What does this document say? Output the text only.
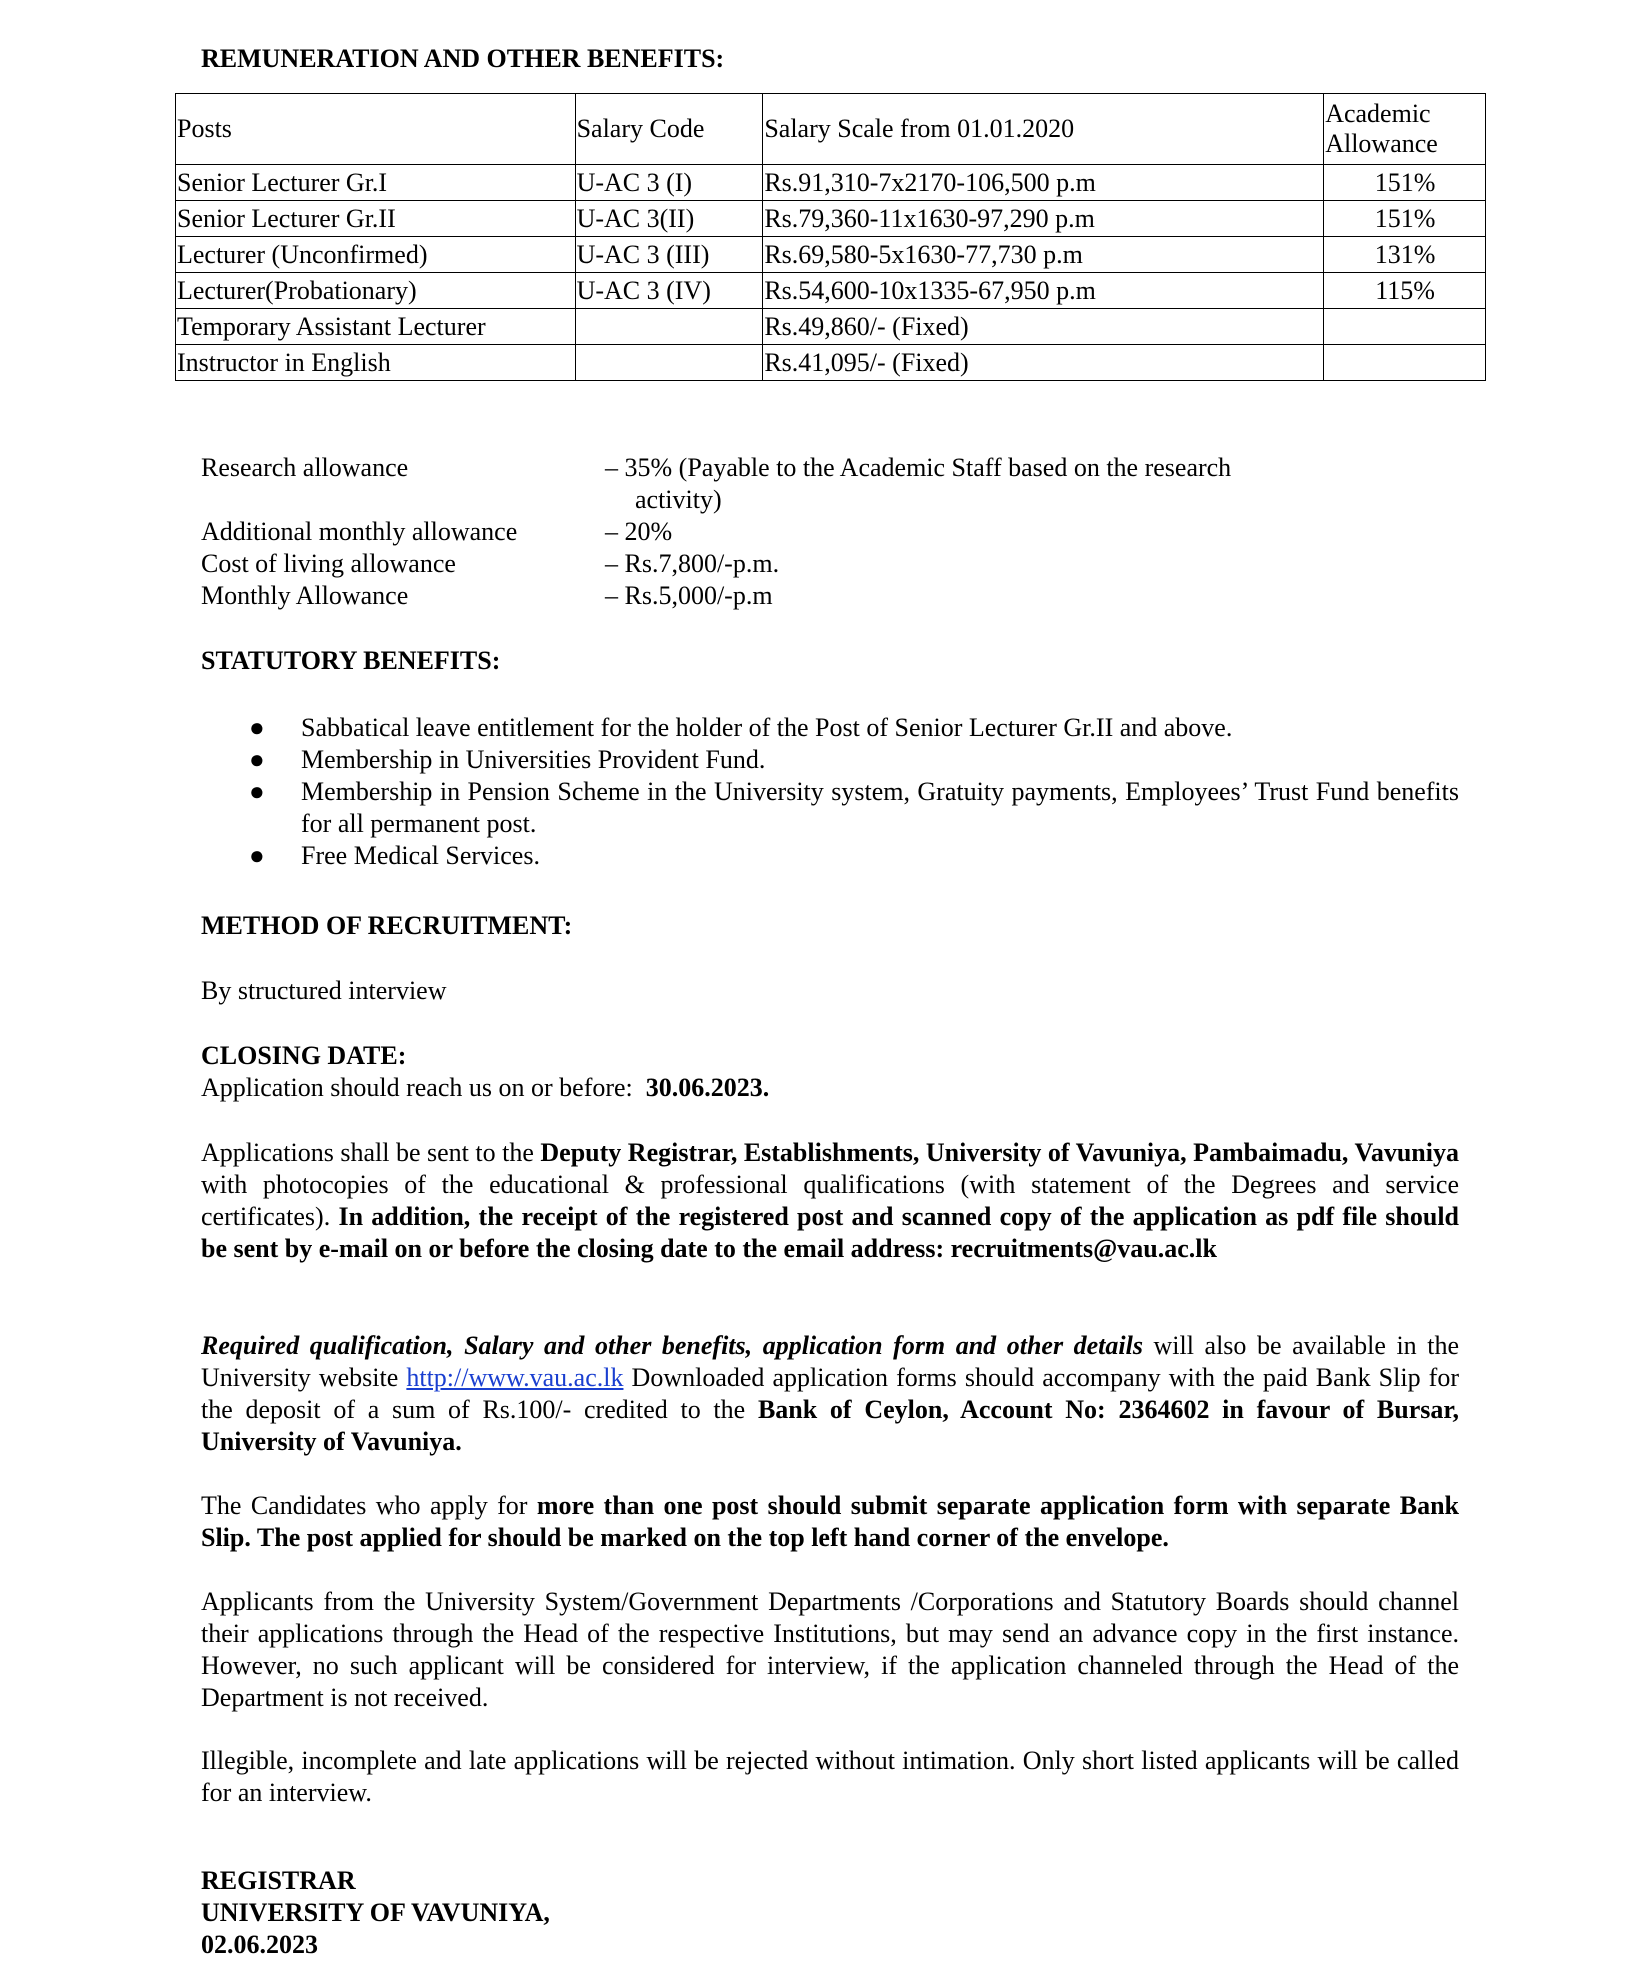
REMUNERATION AND OTHER BENEFITS:

Posts	Salary Code	Salary Scale from 01.01.2020	Academic Allowance
Senior Lecturer Gr.I	U-AC 3 (I)	Rs.91,310-7x2170-106,500 p.m	151%
Senior Lecturer Gr.II	U-AC 3(II)	Rs.79,360-11x1630-97,290 p.m	151%
Lecturer (Unconfirmed)	U-AC 3 (III)	Rs.69,580-5x1630-77,730 p.m	131%
Lecturer(Probationary)	U-AC 3 (IV)	Rs.54,600-10x1335-67,950 p.m	115%
Temporary Assistant Lecturer		Rs.49,860/- (Fixed)	
Instructor in English		Rs.41,095/- (Fixed)	
Research allowance	– 35% (Payable to the Academic Staff based on the research activity)
Additional monthly allowance	– 20%
Cost of living allowance	– Rs.7,800/-p.m.
Monthly Allowance	– Rs.5,000/-p.m

STATUTORY BENEFITS:

● Sabbatical leave entitlement for the holder of the Post of Senior Lecturer Gr.II and above.
● Membership in Universities Provident Fund.
● Membership in Pension Scheme in the University system, Gratuity payments, Employees’ Trust Fund benefits for all permanent post.
● Free Medical Services.

METHOD OF RECRUITMENT:

By structured interview

CLOSING DATE:

Application should reach us on or before: 30.06.2023.

Applications shall be sent to the Deputy Registrar, Establishments, University of Vavuniya, Pambaimadu, Vavuniya with photocopies of the educational & professional qualifications (with statement of the Degrees and service certificates). In addition, the receipt of the registered post and scanned copy of the application as pdf file should be sent by e-mail on or before the closing date to the email address: recruitments@vau.ac.lk

Required qualification, Salary and other benefits, application form and other details will also be available in the University website http://www.vau.ac.lk Downloaded application forms should accompany with the paid Bank Slip for the deposit of a sum of Rs.100/- credited to the Bank of Ceylon, Account No: 2364602 in favour of Bursar, University of Vavuniya.

The Candidates who apply for more than one post should submit separate application form with separate Bank Slip. The post applied for should be marked on the top left hand corner of the envelope.

Applicants from the University System/Government Departments /Corporations and Statutory Boards should channel their applications through the Head of the respective Institutions, but may send an advance copy in the first instance. However, no such applicant will be considered for interview, if the application channeled through the Head of the Department is not received.

Illegible, incomplete and late applications will be rejected without intimation. Only short listed applicants will be called for an interview.

REGISTRAR
UNIVERSITY OF VAVUNIYA,
02.06.2023
